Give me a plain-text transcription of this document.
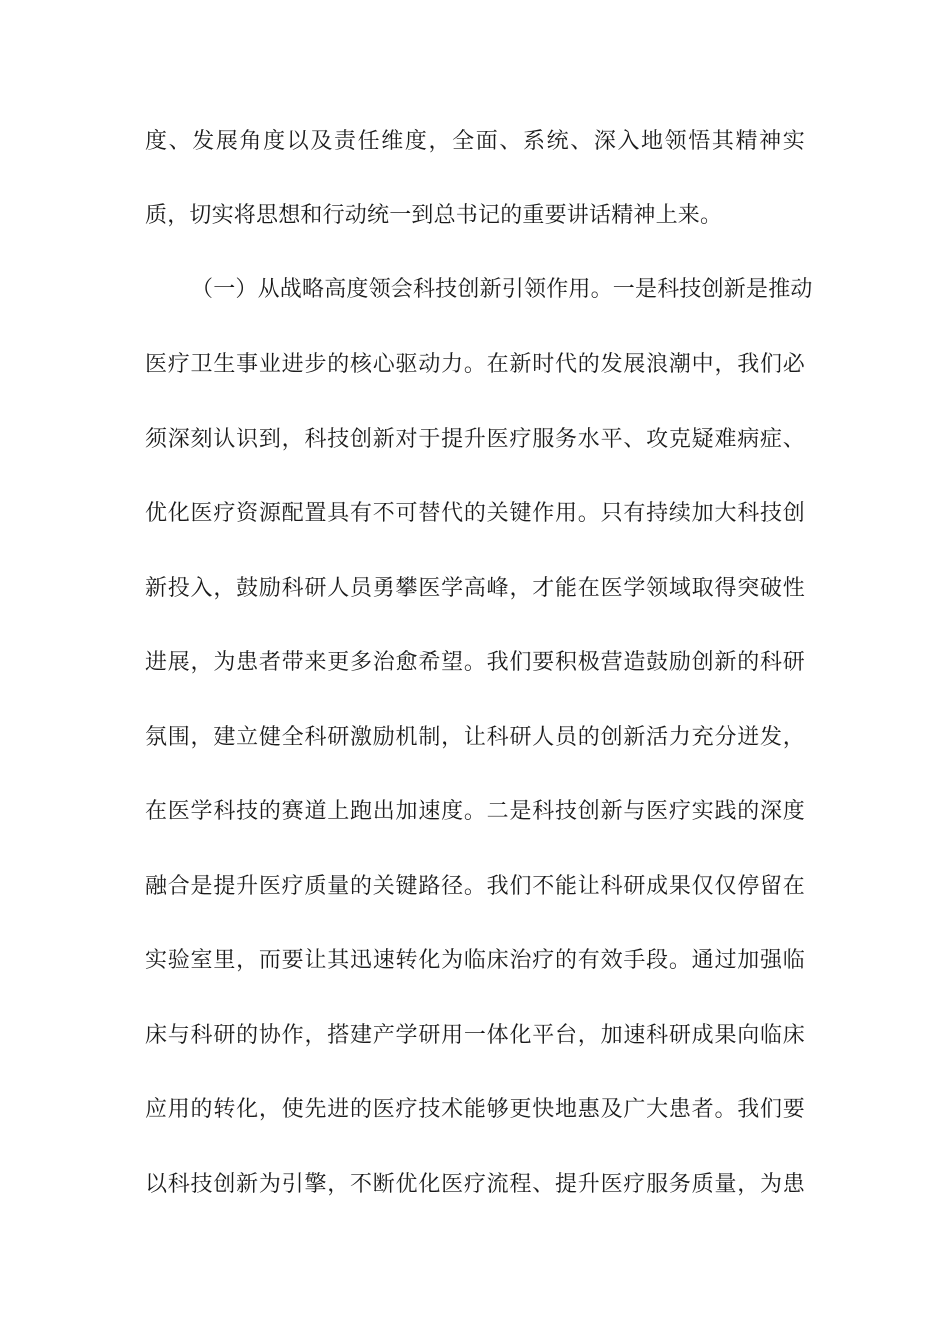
度、发展角度以及责任维度，全面、系统、深入地领悟其精神实
质，切实将思想和行动统一到总书记的重要讲话精神上来。
（一）从战略高度领会科技创新引领作用。一是科技创新是推动
医疗卫生事业进步的核心驱动力。在新时代的发展浪潮中，我们必
须深刻认识到，科技创新对于提升医疗服务水平、攻克疑难病症、
优化医疗资源配置具有不可替代的关键作用。只有持续加大科技创
新投入，鼓励科研人员勇攀医学高峰，才能在医学领域取得突破性
进展，为患者带来更多治愈希望。我们要积极营造鼓励创新的科研
氛围，建立健全科研激励机制，让科研人员的创新活力充分迸发，
在医学科技的赛道上跑出加速度。二是科技创新与医疗实践的深度
融合是提升医疗质量的关键路径。我们不能让科研成果仅仅停留在
实验室里，而要让其迅速转化为临床治疗的有效手段。通过加强临
床与科研的协作，搭建产学研用一体化平台，加速科研成果向临床
应用的转化，使先进的医疗技术能够更快地惠及广大患者。我们要
以科技创新为引擎，不断优化医疗流程、提升医疗服务质量，为患
